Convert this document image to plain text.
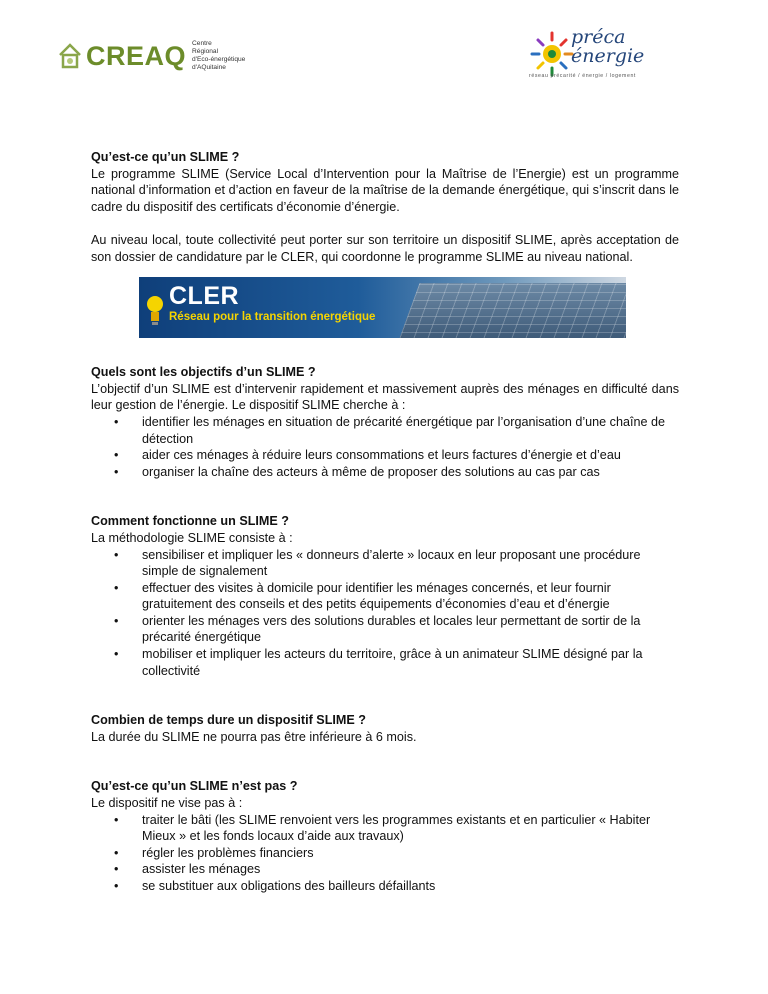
CREAQ Centre
Régional
d'Eco-énergétique
d'AQuitaine
préca
énergie
réseau précarité / énergie / logement
CLER
Réseau pour la transition énergétique
Qu’est-ce qu’un SLIME ?

Le programme SLIME (Service Local d’Intervention pour la Maîtrise de l’Energie) est un programme national d’information et d’action en faveur de la maîtrise de la demande énergétique, qui s’inscrit dans le cadre du dispositif des certificats d’économie d’énergie.

Au niveau local, toute collectivité peut porter sur son territoire un dispositif SLIME, après acceptation de son dossier de candidature par le CLER, qui coordonne le programme SLIME au niveau national.

Quels sont les objectifs d’un SLIME ?

L’objectif d’un SLIME est d’intervenir rapidement et massivement auprès des ménages en difficulté dans leur gestion de l’énergie. Le dispositif SLIME cherche à :

• identifier les ménages en situation de précarité énergétique par l’organisation d’une chaîne de détection
• aider ces ménages à réduire leurs consommations et leurs factures d’énergie et d’eau
• organiser la chaîne des acteurs à même de proposer des solutions au cas par cas
Comment fonctionne un SLIME ?

La méthodologie SLIME consiste à :

• sensibiliser et impliquer les « donneurs d’alerte » locaux en leur proposant une procédure simple de signalement
• effectuer des visites à domicile pour identifier les ménages concernés, et leur fournir gratuitement des conseils et des petits équipements d’économies d’eau et d’énergie
• orienter les ménages vers des solutions durables et locales leur permettant de sortir de la précarité énergétique
• mobiliser et impliquer les acteurs du territoire, grâce à un animateur SLIME désigné par la collectivité
Combien de temps dure un dispositif SLIME ?

La durée du SLIME ne pourra pas être inférieure à 6 mois.

Qu’est-ce qu’un SLIME n’est pas ?

Le dispositif ne vise pas à :

• traiter le bâti (les SLIME renvoient vers les programmes existants et en particulier « Habiter Mieux » et les fonds locaux d’aide aux travaux)
• régler les problèmes financiers
• assister les ménages
• se substituer aux obligations des bailleurs défaillants
